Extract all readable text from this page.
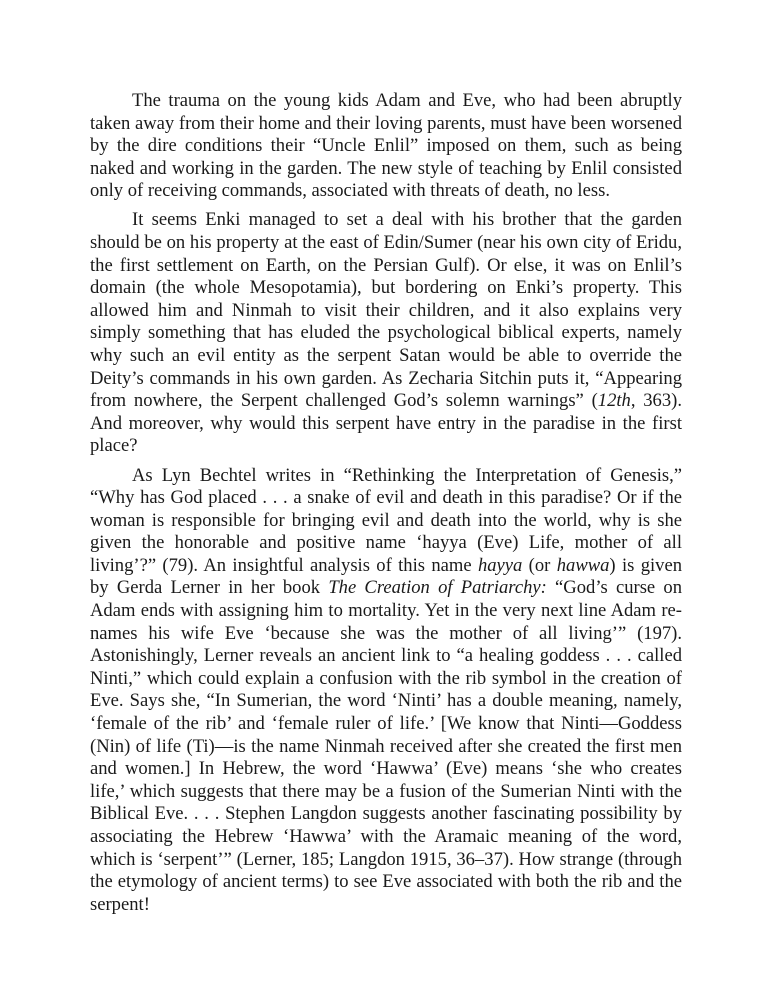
The trauma on the young kids Adam and Eve, who had been abruptly taken away from their home and their loving parents, must have been worsened by the dire conditions their “Uncle Enlil” imposed on them, such as being naked and working in the garden. The new style of teaching by Enlil consisted only of receiving commands, associated with threats of death, no less.

It seems Enki managed to set a deal with his brother that the garden should be on his property at the east of Edin/Sumer (near his own city of Eridu, the first settlement on Earth, on the Persian Gulf). Or else, it was on Enlil’s domain (the whole Mesopotamia), but bordering on Enki’s property. This allowed him and Ninmah to visit their children, and it also explains very simply something that has eluded the psychological biblical experts, namely why such an evil entity as the serpent Satan would be able to override the Deity’s commands in his own garden. As Zecharia Sitchin puts it, “Appearing from nowhere, the Serpent challenged God’s solemn warnings” (12th, 363). And moreover, why would this serpent have entry in the paradise in the first place?

As Lyn Bechtel writes in “Rethinking the Interpretation of Genesis,” “Why has God placed . . . a snake of evil and death in this paradise? Or if the woman is responsible for bringing evil and death into the world, why is she given the honorable and positive name ‘hayya (Eve) Life, mother of all living’?” (79). An insightful analysis of this name hayya (or hawwa) is given by Gerda Lerner in her book The Creation of Patriarchy: “God’s curse on Adam ends with assigning him to mortality. Yet in the very next line Adam re-names his wife Eve ‘because she was the mother of all living’” (197). Astonishingly, Lerner reveals an ancient link to “a healing goddess . . . called Ninti,” which could explain a confusion with the rib symbol in the creation of Eve. Says she, “In Sumerian, the word ‘Ninti’ has a double meaning, namely, ‘female of the rib’ and ‘female ruler of life.’ [We know that Ninti—Goddess (Nin) of life (Ti)—is the name Ninmah received after she created the first men and women.] In Hebrew, the word ‘Hawwa’ (Eve) means ‘she who creates life,’ which suggests that there may be a fusion of the Sumerian Ninti with the Biblical Eve. . . . Stephen Langdon suggests another fascinating possibility by associating the Hebrew ‘Hawwa’ with the Aramaic meaning of the word, which is ‘serpent’” (Lerner, 185; Langdon 1915, 36–37). How strange (through the etymology of ancient terms) to see Eve associated with both the rib and the serpent!
